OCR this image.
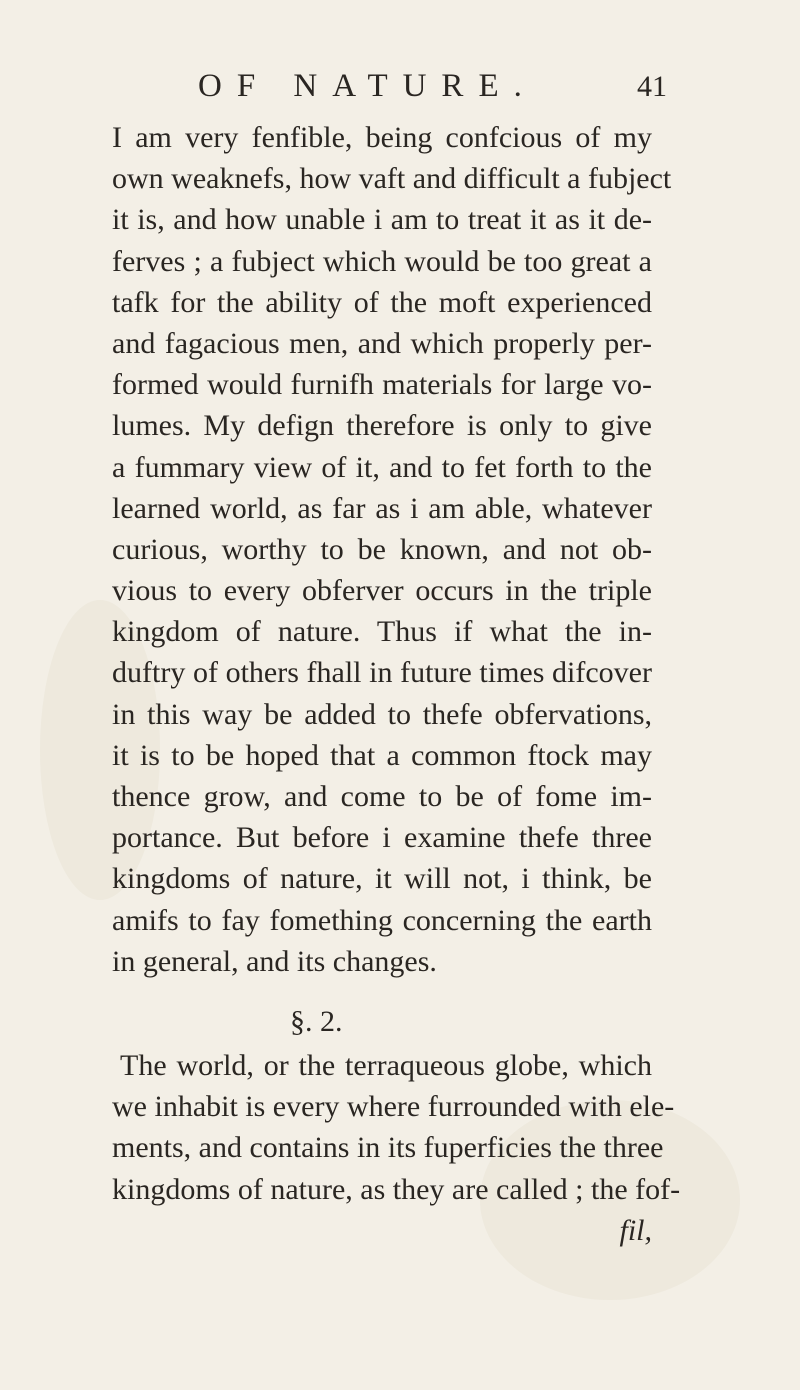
OF NATURE.	41
I am very fenfible, being confcious of my
own weaknefs, how vaft and difficult a fubject
it is, and how unable i am to treat it as it de-
ferves ; a fubject which would be too great a
tafk for the ability of the moft experienced
and fagacious men, and which properly per-
formed would furnifh materials for large vo-
lumes. My defign therefore is only to give
a fummary view of it, and to fet forth to the
learned world, as far as i am able, whatever
curious, worthy to be known, and not ob-
vious to every obferver occurs in the triple
kingdom of nature. Thus if what the in-
duftry of others fhall in future times difcover
in this way be added to thefe obfervations,
it is to be hoped that a common ftock may
thence grow, and come to be of fome im-
portance. But before i examine thefe three
kingdoms of nature, it will not, i think, be
amifs to fay fomething concerning the earth
in general, and its changes.
§. 2.
The world, or the terraqueous globe, which
we inhabit is every where furrounded with ele-
ments, and contains in its fuperficies the three
kingdoms of nature, as they are called ; the fof-
fil,
